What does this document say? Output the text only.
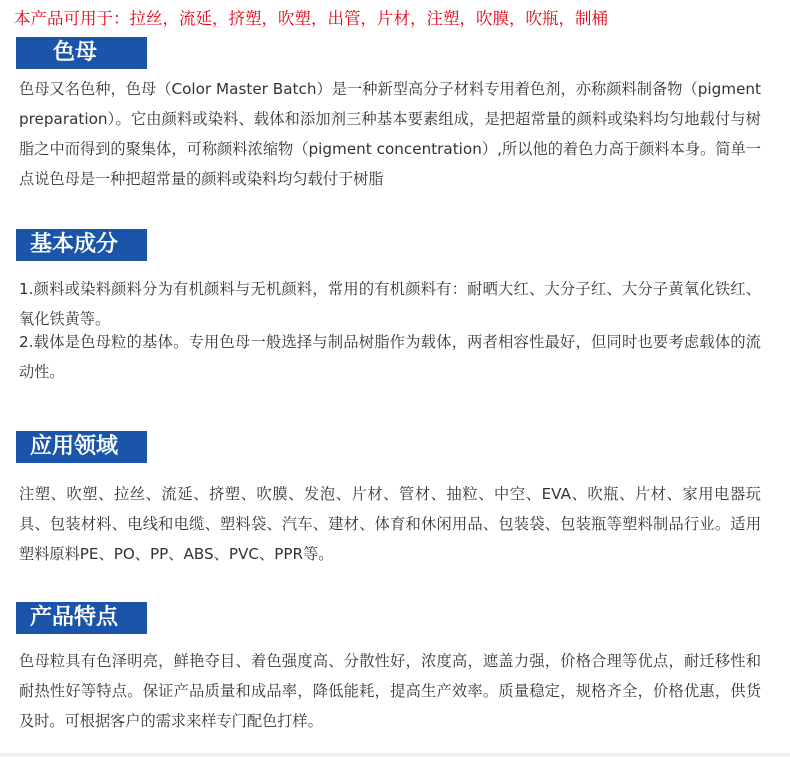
本产品可用于：拉丝，流延，挤塑，吹塑，出管，片材，注塑，吹膜，吹瓶，制桶
色母

色母又名色种，色母（Color Master Batch）是一种新型高分子材料专用着色剂，亦称颜料制备物（pigment preparation）。它由颜料或染料、载体和添加剂三种基本要素组成，是把超常量的颜料或染料均匀地载付与树脂之中而得到的聚集体，可称颜料浓缩物（pigment concentration）,所以他的着色力高于颜料本身。简单一点说色母是一种把超常量的颜料或染料均匀载付于树脂

基本成分

1.颜料或染料颜料分为有机颜料与无机颜料，常用的有机颜料有：耐晒大红、大分子红、大分子黄氧化铁红、氧化铁黄等。

2.载体是色母粒的基体。专用色母一般选择与制品树脂作为载体，两者相容性最好，但同时也要考虑载体的流动性。

应用领域

注塑、吹塑、拉丝、流延、挤塑、吹膜、发泡、片材、管材、抽粒、中空、EVA、吹瓶、片材、家用电器玩具、包装材料、电线和电缆、塑料袋、汽车、建材、体育和休闲用品、包装袋、包装瓶等塑料制品行业。适用塑料原料PE、PO、PP、ABS、PVC、PPR等。

产品特点

色母粒具有色泽明亮，鲜艳夺目、着色强度高、分散性好，浓度高，遮盖力强，价格合理等优点，耐迁移性和耐热性好等特点。保证产品质量和成品率，降低能耗，提高生产效率。质量稳定，规格齐全，价格优惠，供货及时。可根据客户的需求来样专门配色打样。
